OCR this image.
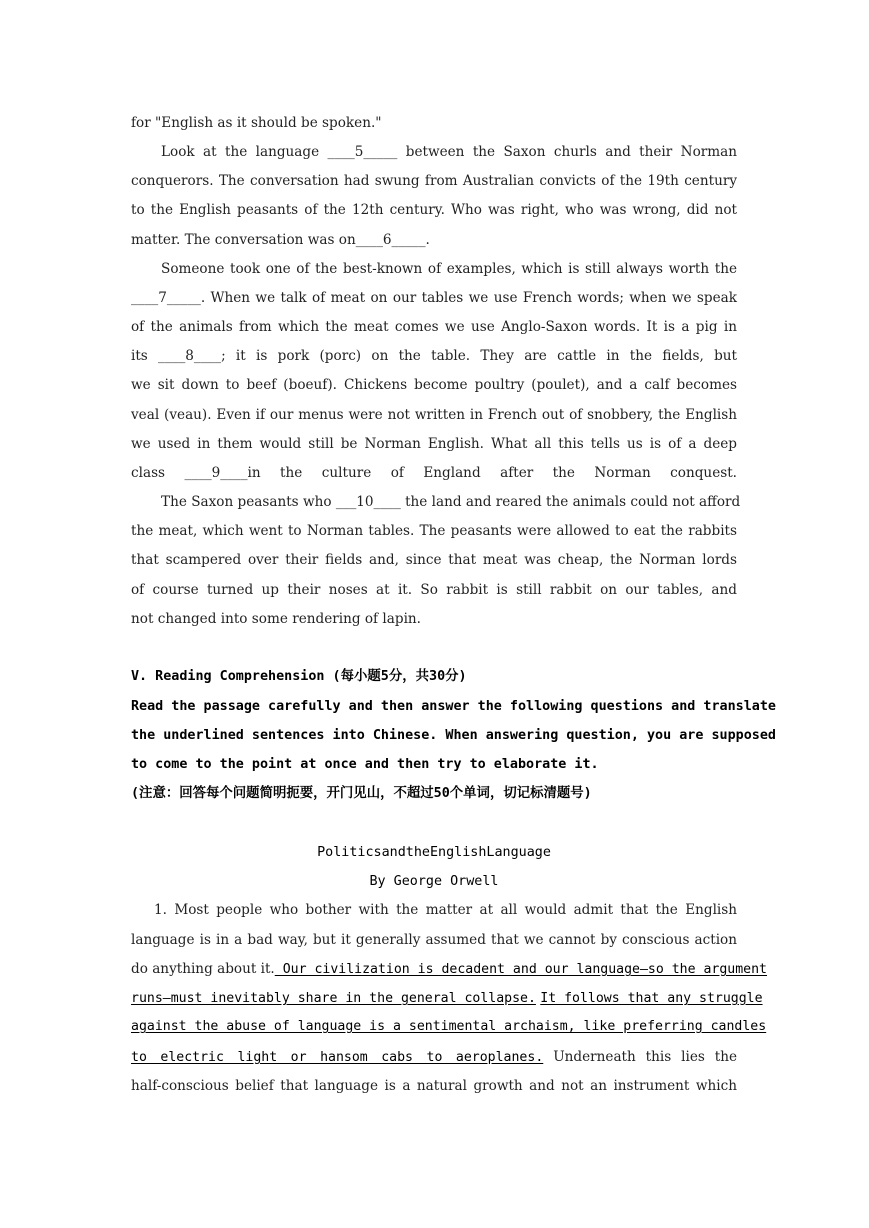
for "English as it should be spoken."
Look at the language ____5_____ between the Saxon churls and their Norman
conquerors. The conversation had swung from Australian convicts of the 19th century
to the English peasants of the 12th century. Who was right, who was wrong, did not
matter. The conversation was on____6_____.
Someone took one of the best-known of examples, which is still always worth the
____7_____. When we talk of meat on our tables we use French words; when we speak
of the animals from which the meat comes we use Anglo-Saxon words. It is a pig in
its ____8____; it is pork (porc) on the table. They are cattle in the fields, but
we sit down to beef (boeuf). Chickens become poultry (poulet), and a calf becomes
veal (veau). Even if our menus were not written in French out of snobbery, the English
we used in them would still be Norman English. What all this tells us is of a deep
class ____9____in the culture of England after the Norman conquest.
The Saxon peasants who ___10____ the land and reared the animals could not afford
the meat, which went to Norman tables. The peasants were allowed to eat the rabbits
that scampered over their fields and, since that meat was cheap, the Norman lords
of course turned up their noses at it. So rabbit is still rabbit on our tables, and
not changed into some rendering of lapin.
V. Reading Comprehension (每小题5分，共30分)
Read the passage carefully and then answer the following questions and translate
the underlined sentences into Chinese. When answering question, you are supposed
to come to the point at once and then try to elaborate it.
(注意：回答每个问题简明扼要，开门见山，不超过50个单词，切记标清题号)
PoliticsandtheEnglishLanguage
By George Orwell
1. Most people who bother with the matter at all would admit that the English
language is in a bad way, but it generally assumed that we cannot by conscious action
do anything about it. Our civilization is decadent and our language—so the argument
runs—must inevitably share in the general collapse. It follows that any struggle
against the abuse of language is a sentimental archaism, like preferring candles
to electric light or hansom cabs to aeroplanes. Underneath this lies the
half-conscious belief that language is a natural growth and not an instrument which
